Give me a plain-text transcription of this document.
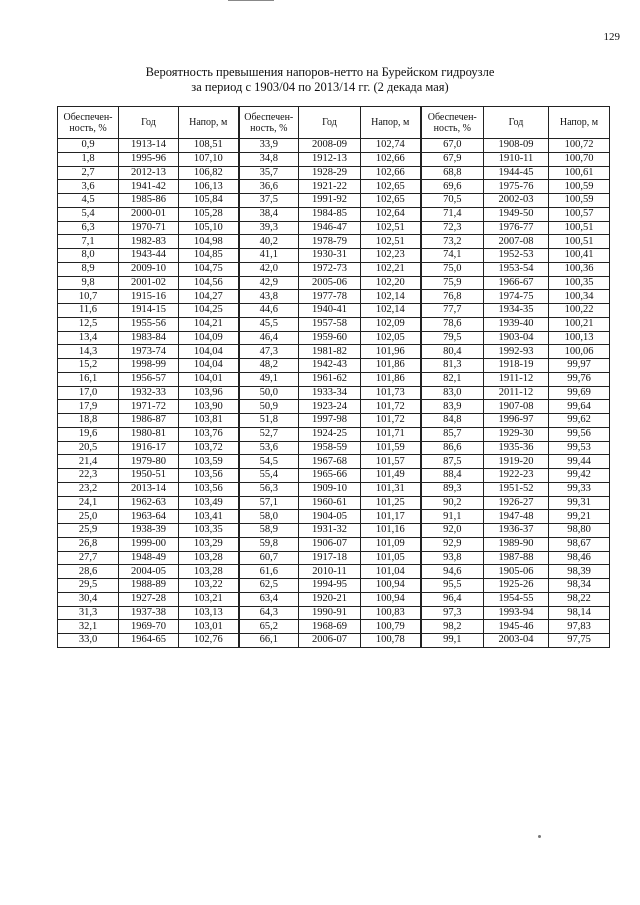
129
Вероятность превышения напоров-нетто на Бурейском гидроузле
за период с 1903/04 по 2013/14 гг. (2 декада мая)
Обеспечен-ность, %	Год	Напор, м	Обеспечен-ность, %	Год	Напор, м	Обеспечен-ность, %	Год	Напор, м
0,9	1913-14	108,51	33,9	2008-09	102,74	67,0	1908-09	100,72
1,8	1995-96	107,10	34,8	1912-13	102,66	67,9	1910-11	100,70
2,7	2012-13	106,82	35,7	1928-29	102,66	68,8	1944-45	100,61
3,6	1941-42	106,13	36,6	1921-22	102,65	69,6	1975-76	100,59
4,5	1985-86	105,84	37,5	1991-92	102,65	70,5	2002-03	100,59
5,4	2000-01	105,28	38,4	1984-85	102,64	71,4	1949-50	100,57
6,3	1970-71	105,10	39,3	1946-47	102,51	72,3	1976-77	100,51
7,1	1982-83	104,98	40,2	1978-79	102,51	73,2	2007-08	100,51
8,0	1943-44	104,85	41,1	1930-31	102,23	74,1	1952-53	100,41
8,9	2009-10	104,75	42,0	1972-73	102,21	75,0	1953-54	100,36
9,8	2001-02	104,56	42,9	2005-06	102,20	75,9	1966-67	100,35
10,7	1915-16	104,27	43,8	1977-78	102,14	76,8	1974-75	100,34
11,6	1914-15	104,25	44,6	1940-41	102,14	77,7	1934-35	100,22
12,5	1955-56	104,21	45,5	1957-58	102,09	78,6	1939-40	100,21
13,4	1983-84	104,09	46,4	1959-60	102,05	79,5	1903-04	100,13
14,3	1973-74	104,04	47,3	1981-82	101,96	80,4	1992-93	100,06
15,2	1998-99	104,04	48,2	1942-43	101,86	81,3	1918-19	99,97
16,1	1956-57	104,01	49,1	1961-62	101,86	82,1	1911-12	99,76
17,0	1932-33	103,96	50,0	1933-34	101,73	83,0	2011-12	99,69
17,9	1971-72	103,90	50,9	1923-24	101,72	83,9	1907-08	99,64
18,8	1986-87	103,81	51,8	1997-98	101,72	84,8	1996-97	99,62
19,6	1980-81	103,76	52,7	1924-25	101,71	85,7	1929-30	99,56
20,5	1916-17	103,72	53,6	1958-59	101,59	86,6	1935-36	99,53
21,4	1979-80	103,59	54,5	1967-68	101,57	87,5	1919-20	99,44
22,3	1950-51	103,56	55,4	1965-66	101,49	88,4	1922-23	99,42
23,2	2013-14	103,56	56,3	1909-10	101,31	89,3	1951-52	99,33
24,1	1962-63	103,49	57,1	1960-61	101,25	90,2	1926-27	99,31
25,0	1963-64	103,41	58,0	1904-05	101,17	91,1	1947-48	99,21
25,9	1938-39	103,35	58,9	1931-32	101,16	92,0	1936-37	98,80
26,8	1999-00	103,29	59,8	1906-07	101,09	92,9	1989-90	98,67
27,7	1948-49	103,28	60,7	1917-18	101,05	93,8	1987-88	98,46
28,6	2004-05	103,28	61,6	2010-11	101,04	94,6	1905-06	98,39
29,5	1988-89	103,22	62,5	1994-95	100,94	95,5	1925-26	98,34
30,4	1927-28	103,21	63,4	1920-21	100,94	96,4	1954-55	98,22
31,3	1937-38	103,13	64,3	1990-91	100,83	97,3	1993-94	98,14
32,1	1969-70	103,01	65,2	1968-69	100,79	98,2	1945-46	97,83
33,0	1964-65	102,76	66,1	2006-07	100,78	99,1	2003-04	97,75
